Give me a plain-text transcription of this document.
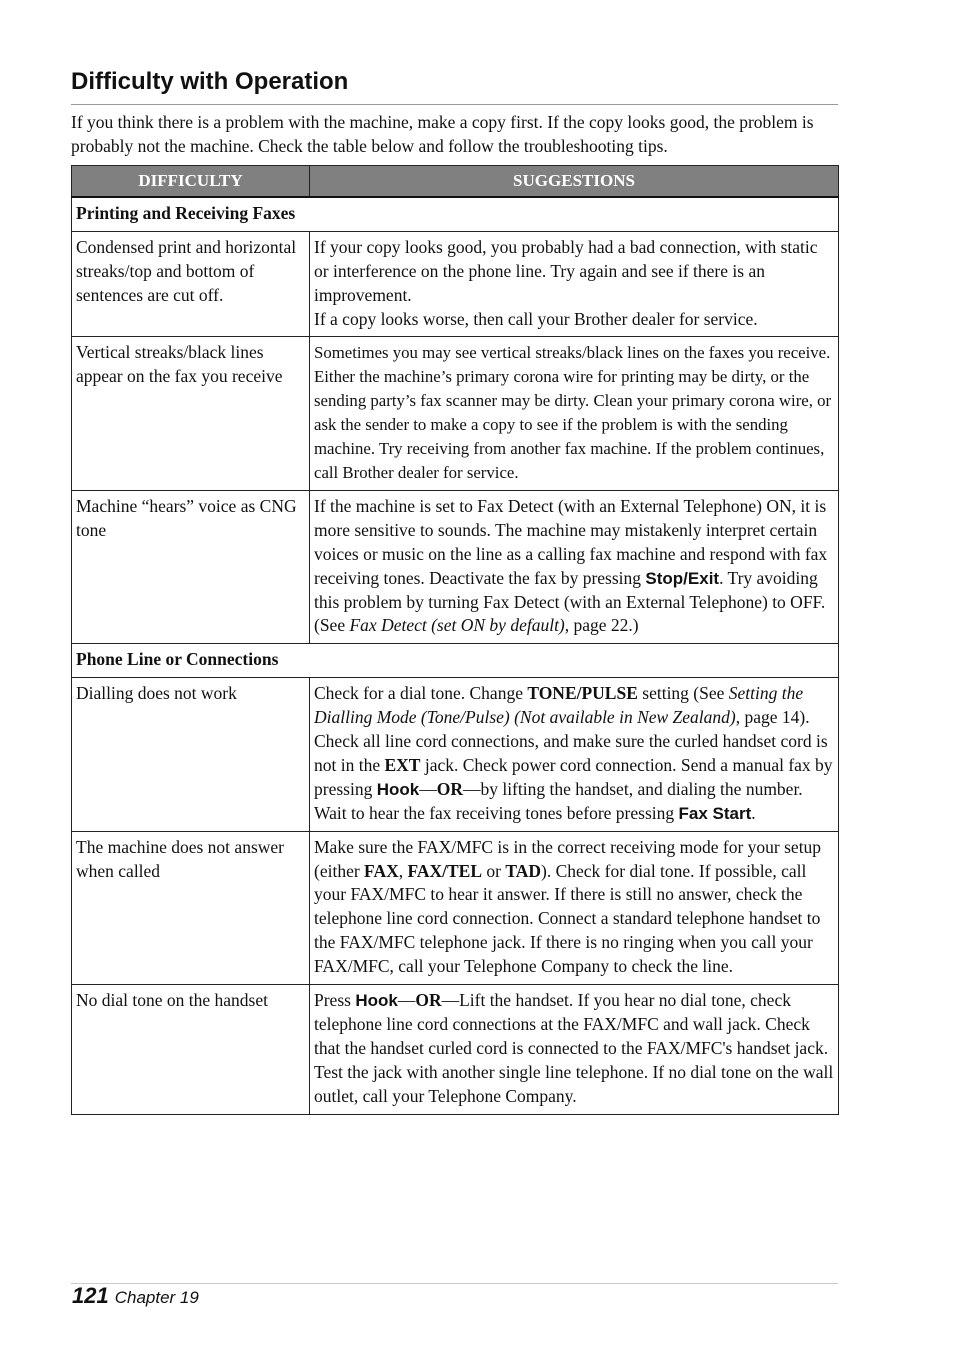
Difficulty with Operation

If you think there is a problem with the machine, make a copy first. If the copy looks good, the problem is probably not the machine. Check the table below and follow the troubleshooting tips.

DIFFICULTY	SUGGESTIONS
Printing and Receiving Faxes	
Condensed print and horizontal streaks/top and bottom of sentences are cut off.	If your copy looks good, you probably had a bad connection, with static or interference on the phone line. Try again and see if there is an improvement.
If a copy looks worse, then call your Brother dealer for service.
Vertical streaks/black lines appear on the fax you receive	Sometimes you may see vertical streaks/black lines on the faxes you receive. Either the machine’s primary corona wire for printing may be dirty, or the sending party’s fax scanner may be dirty. Clean your primary corona wire, or ask the sender to make a copy to see if the problem is with the sending machine. Try receiving from another fax machine. If the problem continues, call Brother dealer for service.
Machine “hears” voice as CNG tone	If the machine is set to Fax Detect (with an External Telephone) ON, it is more sensitive to sounds. The machine may mistakenly interpret certain voices or music on the line as a calling fax machine and respond with fax receiving tones. Deactivate the fax by pressing Stop/Exit. Try avoiding this problem by turning Fax Detect (with an External Telephone) to OFF. (See Fax Detect (set ON by default), page 22.)
Phone Line or Connections	
Dialling does not work	Check for a dial tone. Change TONE/PULSE setting (See Setting the Dialling Mode (Tone/Pulse) (Not available in New Zealand), page 14). Check all line cord connections, and make sure the curled handset cord is not in the EXT jack. Check power cord connection. Send a manual fax by pressing Hook—OR—by lifting the handset, and dialing the number. Wait to hear the fax receiving tones before pressing Fax Start.
The machine does not answer when called	Make sure the FAX/MFC is in the correct receiving mode for your setup (either FAX, FAX/TEL or TAD). Check for dial tone. If possible, call your FAX/MFC to hear it answer. If there is still no answer, check the telephone line cord connection. Connect a standard telephone handset to the FAX/MFC telephone jack. If there is no ringing when you call your FAX/MFC, call your Telephone Company to check the line.
No dial tone on the handset	Press Hook—OR—Lift the handset. If you hear no dial tone, check telephone line cord connections at the FAX/MFC and wall jack. Check that the handset curled cord is connected to the FAX/MFC's handset jack. Test the jack with another single line telephone. If no dial tone on the wall outlet, call your Telephone Company.
121 Chapter 19
